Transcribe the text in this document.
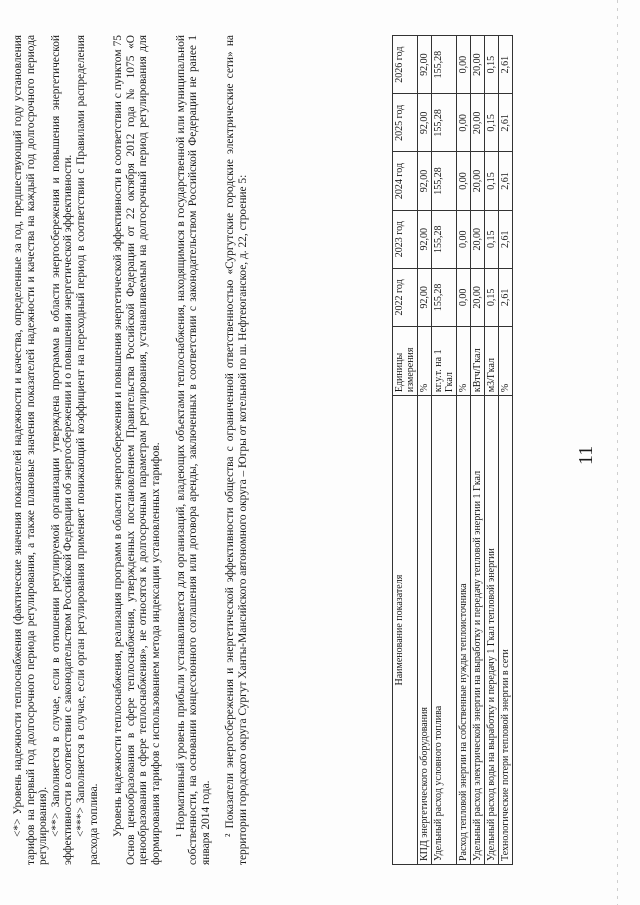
11

<*> Уровень надежности теплоснабжения (фактические значения показателей надежности и качества, определенные за год, предшествующий году установления тарифов на первый год долгосрочного периода регулирования, а также плановые значения показателей надежности и качества на каждый год долгосрочного периода регулирования). <**> Заполняется в случае, если в отношении регулируемой организации утверждена программа в области энергосбережения и повышения энергетической эффективности в соответствии с законодательством Российской Федерации об энергосбережении и о повышении энергетической эффективности. <***> Заполняется в случае, если орган регулирования применяет понижающий коэффициент на переходный период в соответствии с Правилами распределения расхода топлива. Уровень надежности теплоснабжения, реализация программ в области энергосбережения и повышения энергетической эффективности в соответствии с пунктом 75 Основ ценообразования в сфере теплоснабжения, утвержденных постановлением Правительства Российской Федерации от 22 октября 2012 года № 1075 «О ценообразовании в сфере теплоснабжения», не относятся к долгосрочным параметрам регулирования, устанавливаемым на долгосрочный период регулирования для формирования тарифов с использованием метода индексации установленных тарифов. ¹ Нормативный уровень прибыли устанавливается для организаций, владеющих объектами теплоснабжения, находящимися в государственной или муниципальной собственности, на основании концессионного соглашения или договора аренды, заключенных в соответствии с законодательством Российской Федерации не ранее 1 января 2014 года. ² Показатели энергосбережения и энергетической эффективности общества с ограниченной ответственностью «Сургутские городские электрические сети» на территории городского округа Сургут Ханты-Мансийского автономного округа – Югры от котельной по ш. Нефтеюганское, д. 22, строение 5:	Наименование показателя	Единицы измерения	2022 год	2023 год	2024 год	2025 год	2026 год
КПД энергетического оборудования	%	92,00	92,00	92,00	92,00	92,00
Удельный расход условного топлива	кг.у.т. на 1 Гкал	155,28	155,28	155,28	155,28	155,28
Расход тепловой энергии на собственные нужды теплоисточника	%	0,00	0,00	0,00	0,00	0,00
Удельный расход электрической энергии на выработку и передачу тепловой энергии 1 Гкал	кВтч/Гкал	20,00	20,00	20,00	20,00	20,00
Удельный расход воды на выработку и передачу 1 Гкал тепловой энергии	м3/Гкал	0,15	0,15	0,15	0,15	0,15
Технологические потери тепловой энергии в сети	%	2,61	2,61	2,61	2,61	2,61
